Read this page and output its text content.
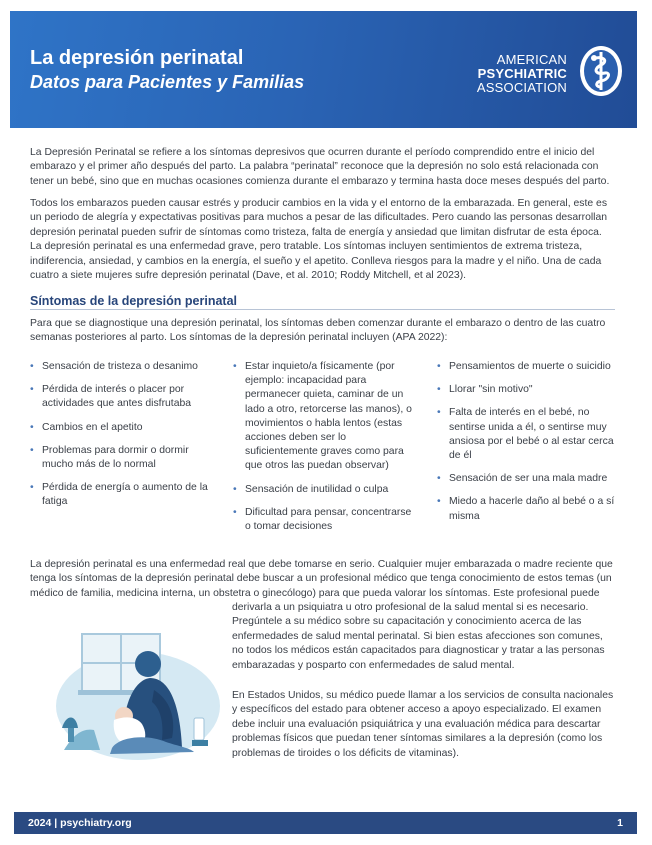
La depresión perinatal
Datos para Pacientes y Familias
AMERICAN
PSYCHIATRIC
ASSOCIATION

La Depresión Perinatal se refiere a los síntomas depresivos que ocurren durante el período comprendido entre el inicio del embarazo y el primer año después del parto. La palabra “perinatal” reconoce que la depresión no solo está relacionada con tener un bebé, sino que en muchas ocasiones comienza durante el embarazo y termina hasta doce meses después del parto.

Todos los embarazos pueden causar estrés y producir cambios en la vida y el entorno de la embarazada. En general, este es un periodo de alegría y expectativas positivas para muchos a pesar de las dificultades. Pero cuando las personas desarrollan depresión perinatal pueden sufrir de síntomas como tristeza, falta de energía y ansiedad que limitan disfrutar de esta época. La depresión perinatal es una enfermedad grave, pero tratable. Los síntomas incluyen sentimientos de extrema tristeza, indiferencia, ansiedad, y cambios en la energía, el sueño y el apetito. Conlleva riesgos para la madre y el niño. Una de cada cuatro a siete mujeres sufre depresión perinatal (Dave, et al. 2010; Roddy Mitchell, et al 2023).

Síntomas de la depresión perinatal

Para que se diagnostique una depresión perinatal, los síntomas deben comenzar durante el embarazo o dentro de las cuatro semanas posteriores al parto. Los síntomas de la depresión perinatal incluyen (APA 2022):

• Sensación de tristeza o desanimo
• Pérdida de interés o placer por actividades que antes disfrutaba
• Cambios en el apetito
• Problemas para dormir o dormir mucho más de lo normal
• Pérdida de energía o aumento de la fatiga
• Estar inquieto/a físicamente (por ejemplo: incapacidad para permanecer quieta, caminar de un lado a otro, retorcerse las manos), o movimientos o habla lentos (estas acciones deben ser lo suficientemente graves como para que otros las puedan observar)
• Sensación de inutilidad o culpa
• Dificultad para pensar, concentrarse o tomar decisiones
• Pensamientos de muerte o suicidio
• Llorar "sin motivo"
• Falta de interés en el bebé, no sentirse unida a él, o sentirse muy ansiosa por el bebé o al estar cerca de él
• Sensación de ser una mala madre
• Miedo a hacerle daño al bebé o a sí misma

La depresión perinatal es una enfermedad real que debe tomarse en serio. Cualquier mujer embarazada o madre reciente que tenga los síntomas de la depresión perinatal debe buscar a un profesional médico que tenga conocimiento de estos temas (un médico de familia, medicina interna, un obstetra o ginecólogo) para que pueda valorar los síntomas. Este profesional puede

derivarla a un psiquiatra u otro profesional de la salud mental si es necesario. Pregúntele a su médico sobre su capacitación y conocimiento acerca de las enfermedades de salud mental perinatal. Si bien estas afecciones son comunes, no todos los médicos están capacitados para diagnosticar y tratar a las personas embarazadas y posparto con enfermedades de salud mental.

En Estados Unidos, su médico puede llamar a los servicios de consulta nacionales y específicos del estado para obtener acceso a apoyo especializado. El examen debe incluir una evaluación psiquiátrica y una evaluación médica para descartar problemas físicos que puedan tener síntomas similares a la depresión (como los problemas de tiroides o los déficits de vitaminas).

2024 | psychiatry.org	1
